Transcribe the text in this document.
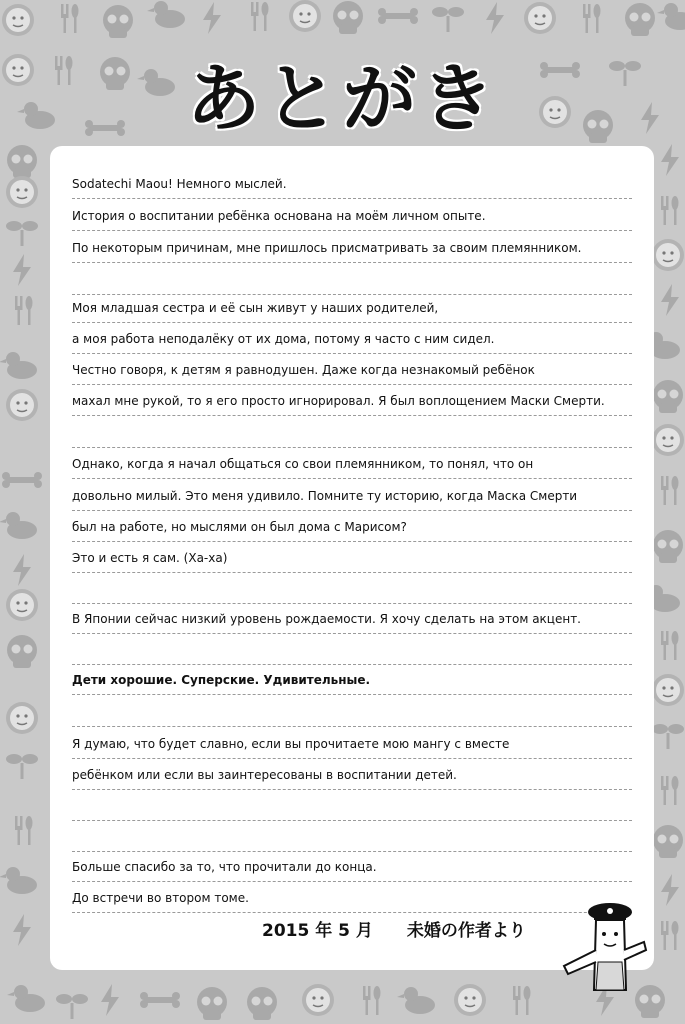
あとがき
Sodatechi Maou! Немного мыслей.
История о воспитании ребёнка основана на моём личном опыте.
По некоторым причинам, мне пришлось присматривать за своим племянником.
Моя младшая сестра и её сын живут у наших родителей,
а моя работа неподалёку от их дома, потому я часто с ним сидел.
Честно говоря, к детям я равнодушен. Даже когда незнакомый ребёнок
махал мне рукой, то я его просто игнорировал. Я был воплощением Маски Смерти.
Однако, когда я начал общаться со свои племянником, то понял, что он
довольно милый. Это меня удивило. Помните ту историю, когда Маска Смерти
был на работе, но мыслями он был дома с Марисом?
Это и есть я сам. (Ха-ха)
В Японии сейчас низкий уровень рождаемости. Я хочу сделать на этом акцент.
Дети хорошие. Суперские. Удивительные.
Я думаю, что будет славно, если вы прочитаете мою мангу с вместе
ребёнком или если вы заинтересованы в воспитании детей.
Больше спасибо за то, что прочитали до конца.
До встречи во втором томе.
2015 年 5 月 未婚の作者より
